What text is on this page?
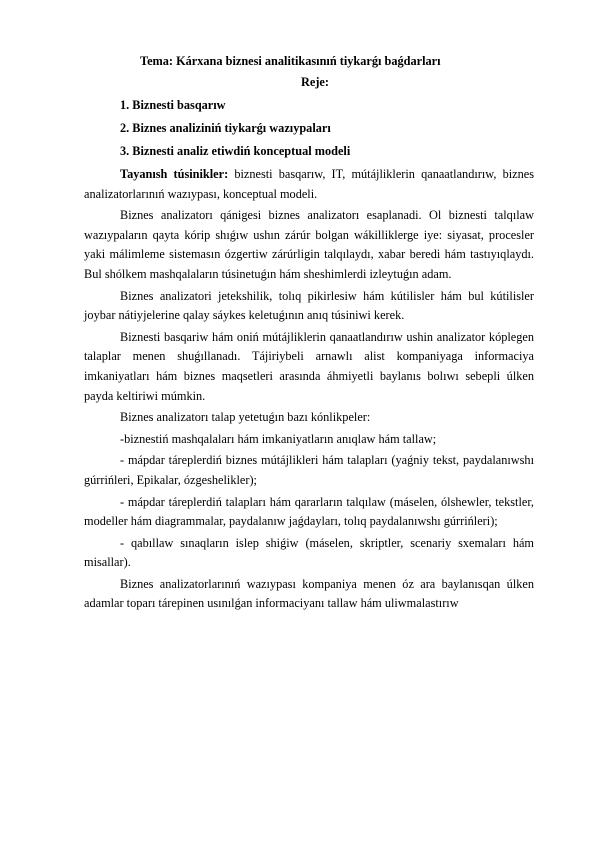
Tema: Kárxana biznesi analitikasınıń tiykarǵı baǵdarları
Reje:
1. Biznesti basqarıw
2. Biznes analiziniń tiykarǵı wazıypaları
3. Biznesti analiz etiwdiń konceptual modeli

Tayanısh túsinikler: biznesti basqarıw, IT, mútájliklerin qanaatlandırıw, biznes analizatorlarınıń wazıypası, konceptual modeli.

Biznes analizatorı qánigesi biznes analizatorı esaplanadi. Ol biznesti talqılaw wazıypaların qayta kórip shıǵıw ushın zárúr bolgan wákilliklerge iye: siyasat, procesler yaki málimleme sistemasın ózgertiw zárúrligin talqılaydı, xabar beredi hám tastıyıqlaydı. Bul shólkem mashqalaların túsinetuǵın hám sheshimlerdi izleytuǵın adam.

Biznes analizatori jetekshilik, tolıq pikirlesiw hám kútilisler hám bul kútilisler joybar nátiyjelerine qalay sáykes keletuǵının anıq túsiniwi kerek.

Biznesti basqariw hám oniń mútájliklerin qanaatlandırıw ushin analizator kóplegen talaplar menen shuǵıllanadı. Tájiriybeli arnawlı alist kompaniyaga informaciya imkaniyatları hám biznes maqsetleri arasında áhmiyetli baylanıs bolıwı sebepli úlken payda keltiriwi múmkin.

Biznes analizatorı talap yetetuǵın bazı kónlikpeler:

-biznestiń mashqalaları hám imkaniyatların anıqlaw hám tallaw;

- mápdar táreplerdiń biznes mútájlikleri hám talapları (yaǵniy tekst, paydalanıwshı gúrrińleri, Epikalar, ózgeshelikler);

- mápdar táreplerdiń talapları hám qararların talqılaw (máselen, ólshewler, tekstler, modeller hám diagrammalar, paydalanıw jaǵdayları, tolıq paydalanıwshı gúrrińleri);

- qabıllaw sınaqların islep shiǵiw (máselen, skriptler, scenariy sxemaları hám misallar).

Biznes analizatorlarınıń wazıypası kompaniya menen óz ara baylanısqan úlken adamlar toparı tárepinen usınılǵan informaciyanı tallaw hám uliwmalastırıw
